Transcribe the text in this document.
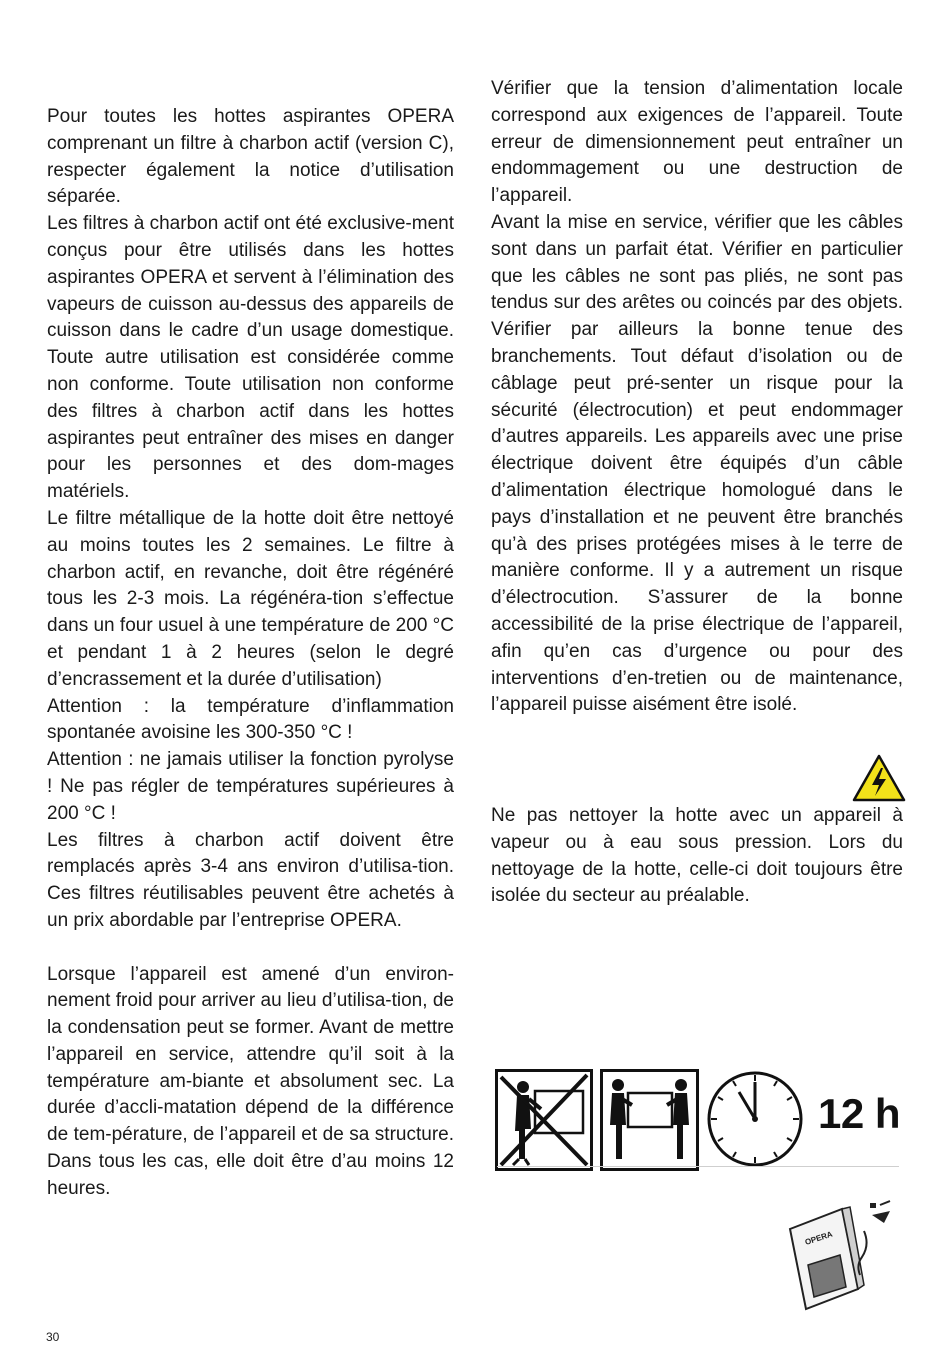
Pour toutes les hottes aspirantes OPERA comprenant un filtre à charbon actif (version C), respecter également la notice d’utilisation séparée.

Les filtres à charbon actif ont été exclusive-ment conçus pour être utilisés dans les hottes aspirantes OPERA et servent à l’élimination des vapeurs de cuisson au-dessus des appareils de cuisson dans le cadre d’un usage domestique. Toute autre utilisation est considérée comme non conforme. Toute utilisation non conforme des filtres à charbon actif dans les hottes aspirantes peut entraîner des mises en danger pour les personnes et des dom-mages matériels.

Le filtre métallique de la hotte doit être nettoyé au moins toutes les 2 semaines. Le filtre à charbon actif, en revanche, doit être régénéré tous les 2-3 mois. La régénéra-tion s’effectue dans un four usuel à une température de 200 °C et pendant 1 à 2 heures (selon le degré d’encrassement et la durée d’utilisation)

Attention : la température d’inflammation spontanée avoisine les 300-350 °C !

Attention : ne jamais utiliser la fonction pyrolyse ! Ne pas régler de températures supérieures à 200 °C !

Les filtres à charbon actif doivent être remplacés après 3-4 ans environ d’utilisa-tion. Ces filtres réutilisables peuvent être achetés à un prix abordable par l’entreprise OPERA.

Lorsque l’appareil est amené d’un environ-nement froid pour arriver au lieu d’utilisa-tion, de la condensation peut se former. Avant de mettre l’appareil en service, attendre qu’il soit à la température am-biante et absolument sec. La durée d’accli-matation dépend de la différence de tem-pérature, de l’appareil et de sa structure. Dans tous les cas, elle doit être d’au moins 12 heures.

Vérifier que la tension d’alimentation locale correspond aux exigences de l’appareil. Toute erreur de dimensionnement peut entraîner un endommagement ou une destruction de l’appareil.

Avant la mise en service, vérifier que les câbles sont dans un parfait état. Vérifier en particulier que les câbles ne sont pas pliés, ne sont pas tendus sur des arêtes ou coincés par des objets. Vérifier par ailleurs la bonne tenue des branchements. Tout défaut d’isolation ou de câblage peut pré-senter un risque pour la sécurité (électrocution) et peut endommager d’autres appareils. Les appareils avec une prise électrique doivent être équipés d’un câble d’alimentation électrique homologué dans le pays d’installation et ne peuvent être branchés qu’à des prises protégées mises à le terre de manière conforme. Il y a autrement un risque d’électrocution. S’assurer de la bonne accessibilité de la prise électrique de l’appareil, afin qu’en cas d’urgence ou pour des interventions d’en-tretien ou de maintenance, l’appareil puisse aisément être isolé.

Ne pas nettoyer la hotte avec un appareil à vapeur ou à eau sous pression. Lors du nettoyage de la hotte, celle-ci doit toujours être isolée du secteur au préalable.

12 h
OPERA
30
